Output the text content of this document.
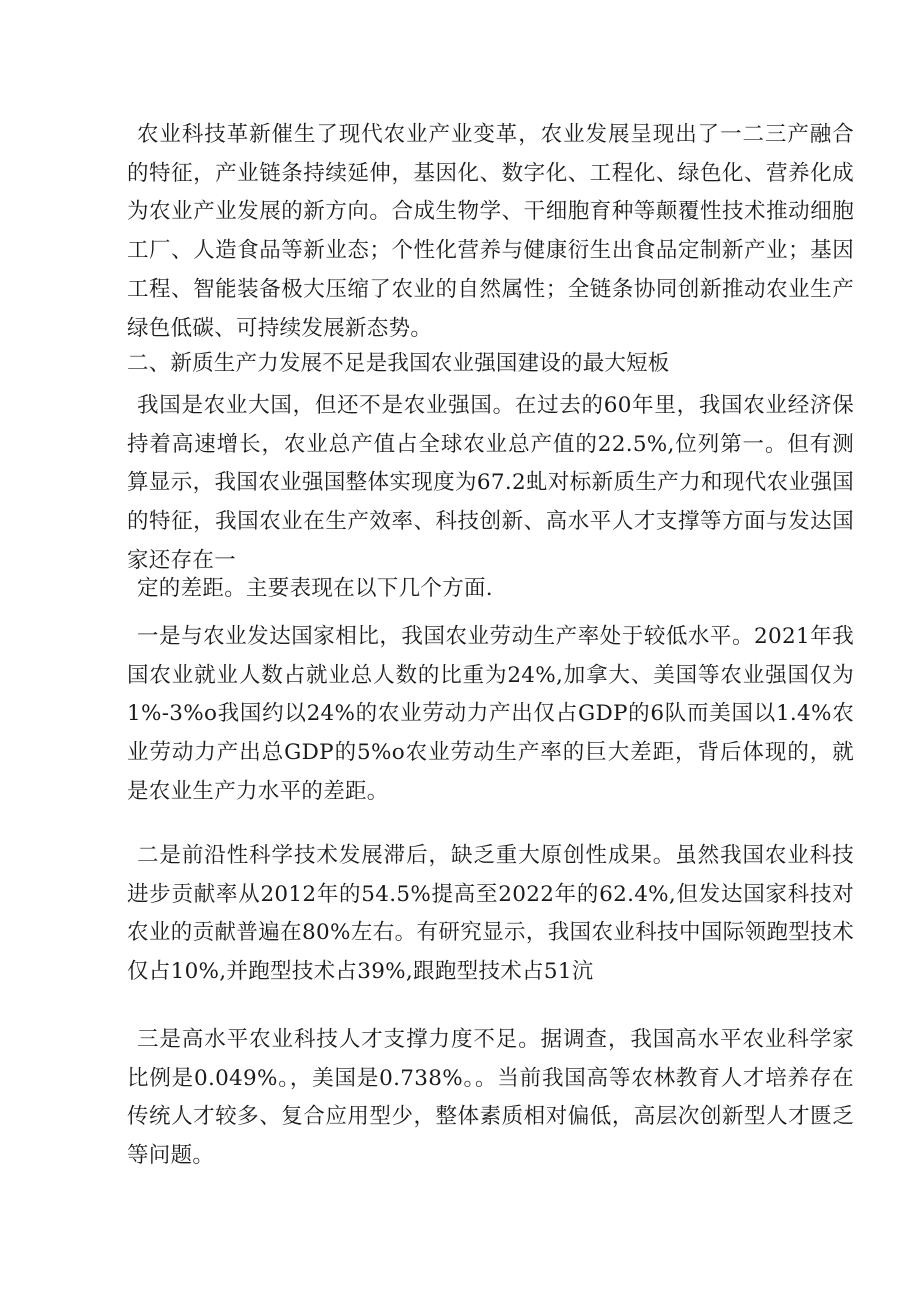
农业科技革新催生了现代农业产业变革，农业发展呈现出了一二三产融合的特征，产业链条持续延伸，基因化、数字化、工程化、绿色化、营养化成为农业产业发展的新方向。合成生物学、干细胞育种等颠覆性技术推动细胞工厂、人造食品等新业态；个性化营养与健康衍生出食品定制新产业；基因工程、智能装备极大压缩了农业的自然属性；全链条协同创新推动农业生产绿色低碳、可持续发展新态势。

二、新质生产力发展不足是我国农业强国建设的最大短板

我国是农业大国，但还不是农业强国。在过去的60年里，我国农业经济保持着高速增长，农业总产值占全球农业总产值的22.5%,位列第一。但有测算显示，我国农业强国整体实现度为67.2虬对标新质生产力和现代农业强国的特征，我国农业在生产效率、科技创新、高水平人才支撑等方面与发达国家还存在一

定的差距。主要表现在以下几个方面.

一是与农业发达国家相比，我国农业劳动生产率处于较低水平。2021年我国农业就业人数占就业总人数的比重为24%,加拿大、美国等农业强国仅为1%-3%o我国约以24%的农业劳动力产出仅占GDP的6队而美国以1.4%农业劳动力产出总GDP的5%o农业劳动生产率的巨大差距，背后体现的，就是农业生产力水平的差距。

二是前沿性科学技术发展滞后，缺乏重大原创性成果。虽然我国农业科技进步贡献率从2012年的54.5%提高至2022年的62.4%,但发达国家科技对农业的贡献普遍在80%左右。有研究显示，我国农业科技中国际领跑型技术仅占10%,并跑型技术占39%,跟跑型技术占51沆

三是高水平农业科技人才支撑力度不足。据调查，我国高水平农业科学家比例是0.049%。，美国是0.738%。。当前我国高等农林教育人才培养存在传统人才较多、复合应用型少，整体素质相对偏低，高层次创新型人才匮乏等问题。
